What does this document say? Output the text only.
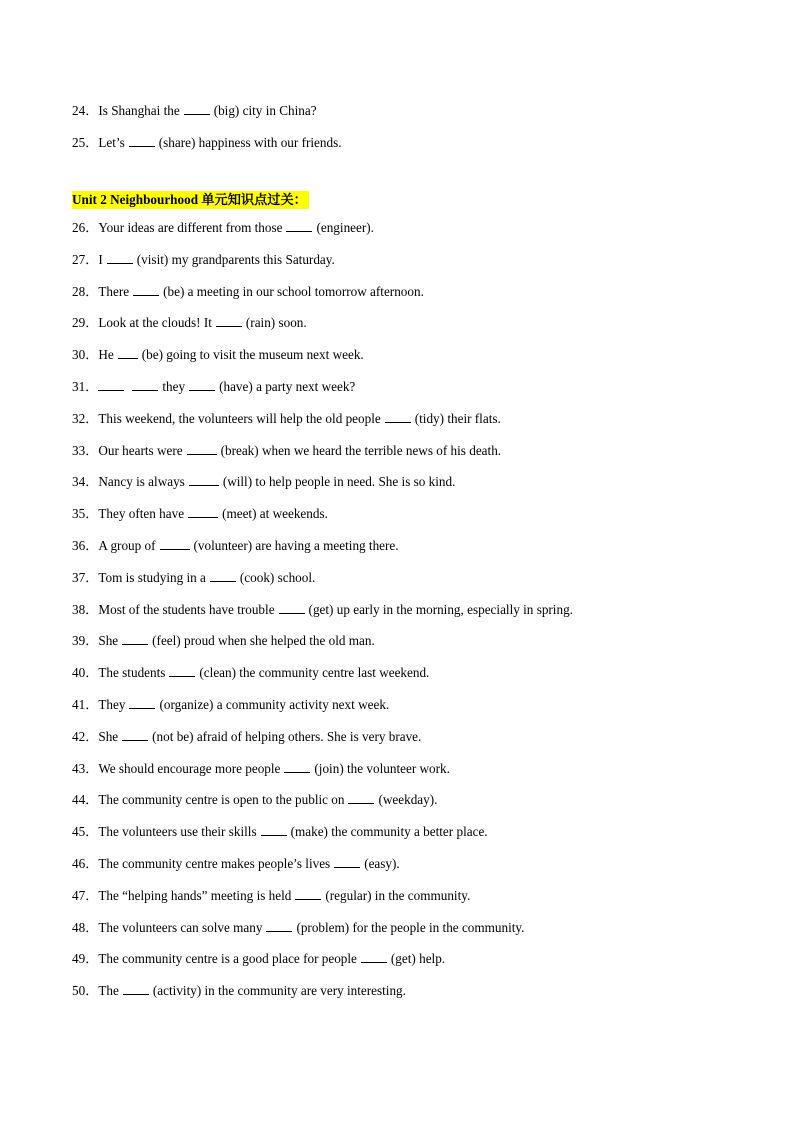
24．Is Shanghai the	(big) city in China?
25．Let’s	(share) happiness with our friends.
Unit 2 Neighbourhood 单元知识点过关：
26．Your ideas are different from those	(engineer).
27．I	(visit) my grandparents this Saturday.
28．There	(be) a meeting in our school tomorrow afternoon.
29．Look at the clouds! It	(rain) soon.
30．He (be) going to visit the museum next week.
31．	they	(have) a party next week?
32．This weekend, the volunteers will help the old people	(tidy) their flats.
33．Our hearts were	(break) when we heard the terrible news of his death.
34．Nancy is always	(will) to help people in need. She is so kind.
35．They often have	(meet) at weekends.
36．A group of	(volunteer) are having a meeting there.
37．Tom is studying in a	(cook) school.
38．Most of the students have trouble	(get) up early in the morning, especially in spring.
39．She	(feel) proud when she helped the old man.
40．The students	(clean) the community centre last weekend.
41．They	(organize) a community activity next week.
42．She	(not be) afraid of helping others. She is very brave.
43．We should encourage more people	(join) the volunteer work.
44．The community centre is open to the public on	(weekday).
45．The volunteers use their skills	(make) the community a better place.
46．The community centre makes people’s lives	(easy).
47．The “helping hands” meeting is held	(regular) in the community.
48．The volunteers can solve many	(problem) for the people in the community.
49．The community centre is a good place for people	(get) help.
50．The	(activity) in the community are very interesting.
